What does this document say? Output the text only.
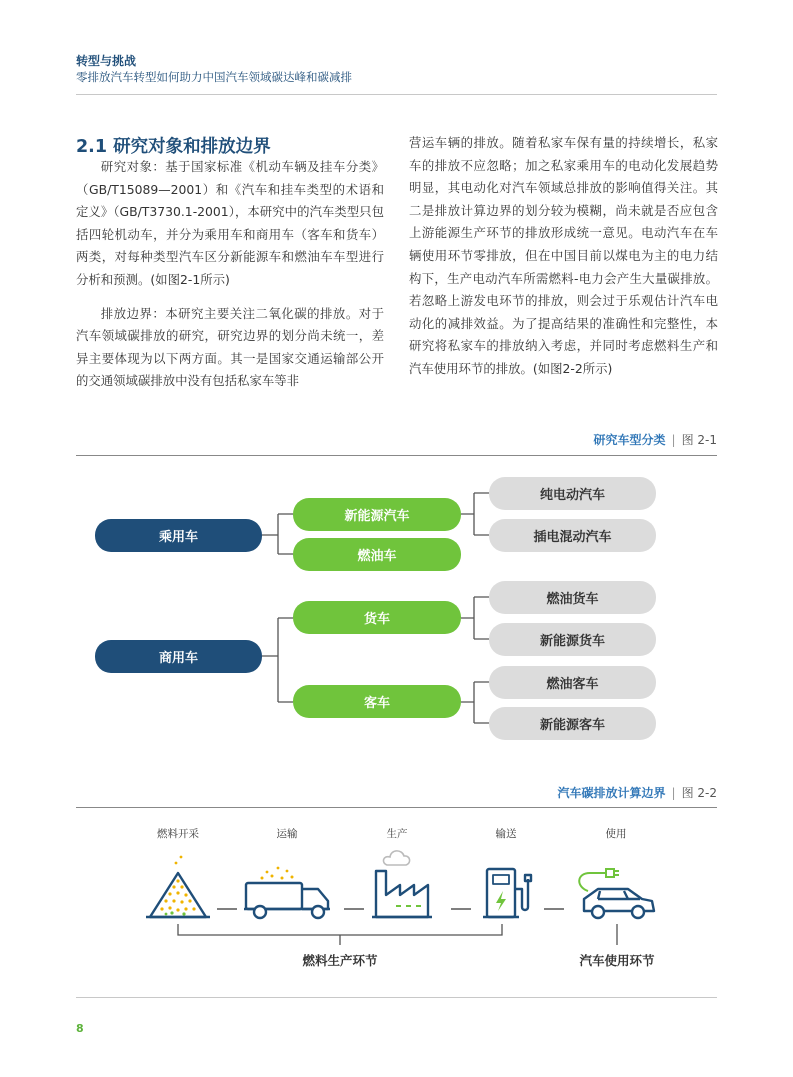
转型与挑战
零排放汽车转型如何助力中国汽车领域碳达峰和碳减排
2.1 研究对象和排放边界

研究对象：基于国家标准《机动车辆及挂车分类》（GB/T15089—2001）和《汽车和挂车类型的术语和定义》（GB/T3730.1-2001），本研究中的汽车类型只包括四轮机动车，并分为乘用车和商用车（客车和货车）两类，对每种类型汽车区分新能源车和燃油车车型进行分析和预测。(如图2-1所示)

排放边界：本研究主要关注二氧化碳的排放。对于汽车领域碳排放的研究，研究边界的划分尚未统一，差异主要体现为以下两方面。其一是国家交通运输部公开的交通领域碳排放中没有包括私家车等非

营运车辆的排放。随着私家车保有量的持续增长，私家车的排放不应忽略；加之私家乘用车的电动化发展趋势明显，其电动化对汽车领域总排放的影响值得关注。其二是排放计算边界的划分较为模糊，尚未就是否应包含上游能源生产环节的排放形成统一意见。电动汽车在车辆使用环节零排放，但在中国目前以煤电为主的电力结构下，生产电动汽车所需燃料-电力会产生大量碳排放。若忽略上游发电环节的排放，则会过于乐观估计汽车电动化的减排效益。为了提高结果的准确性和完整性，本研究将私家车的排放纳入考虑，并同时考虑燃料生产和汽车使用环节的排放。(如图2-2所示)

研究车型分类 | 图 2-1
乘用车
商用车
新能源汽车
燃油车
货车
客车
纯电动汽车
插电混动汽车
燃油货车
新能源货车
燃油客车
新能源客车
汽车碳排放计算边界 | 图 2-2
燃料开采	运输	生产	输送	使用
燃料生产环节	汽车使用环节
8
